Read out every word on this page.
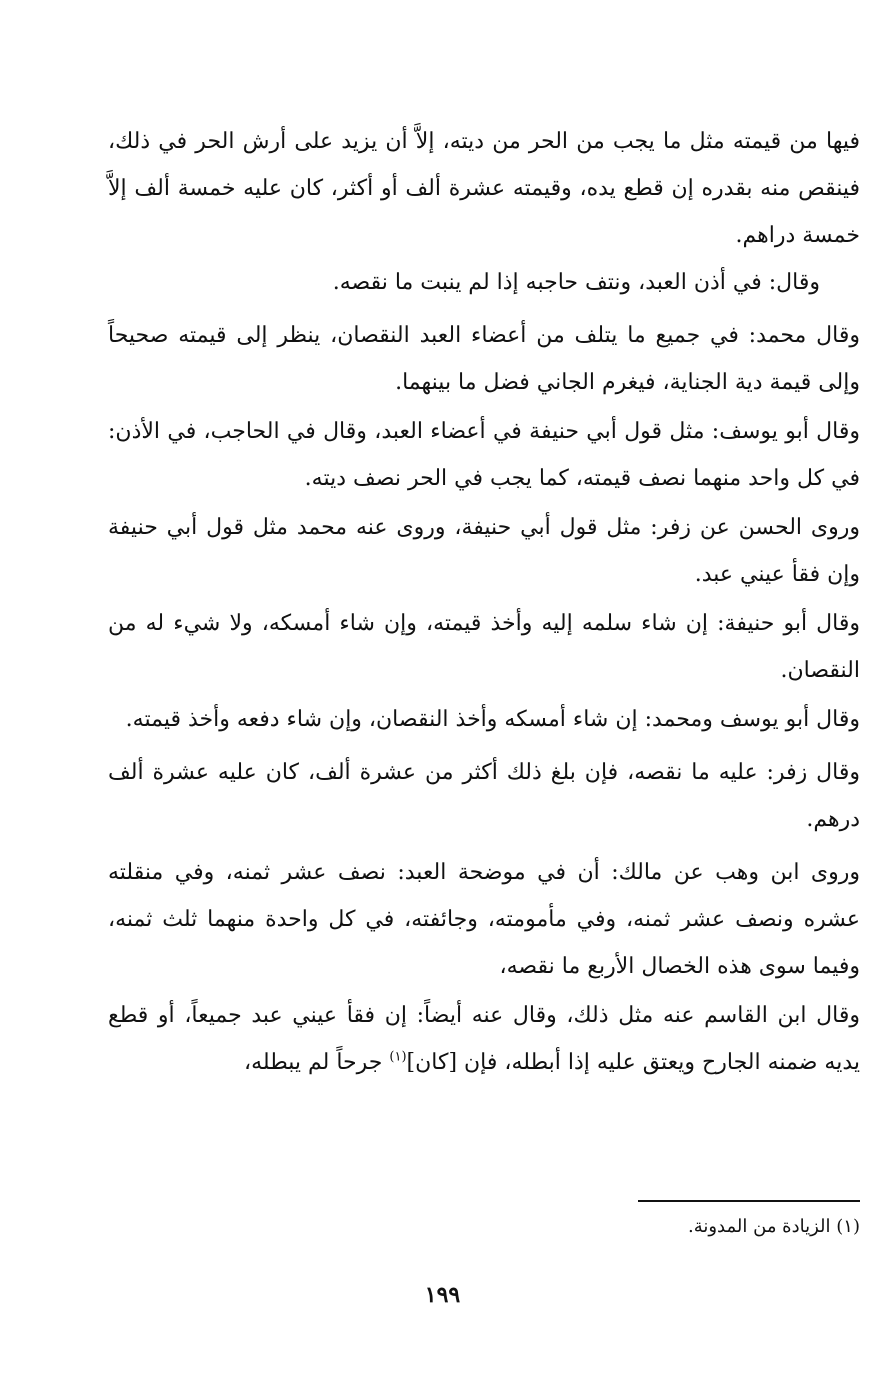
فيها من قيمته مثل ما يجب من الحر من ديته، إلاَّ أن يزيد على أرش الحر في ذلك، فينقص منه بقدره إن قطع يده، وقيمته عشرة ألف أو أكثر، كان عليه خمسة ألف إلاَّ خمسة دراهم.

وقال: في أذن العبد، ونتف حاجبه إذا لم ينبت ما نقصه.

وقال محمد: في جميع ما يتلف من أعضاء العبد النقصان، ينظر إلى قيمته صحيحاً وإلى قيمة دية الجناية، فيغرم الجاني فضل ما بينهما.

وقال أبو يوسف: مثل قول أبي حنيفة في أعضاء العبد، وقال في الحاجب، في الأذن: في كل واحد منهما نصف قيمته، كما يجب في الحر نصف ديته.

وروى الحسن عن زفر: مثل قول أبي حنيفة، وروى عنه محمد مثل قول أبي حنيفة وإن فقأ عيني عبد.

وقال أبو حنيفة: إن شاء سلمه إليه وأخذ قيمته، وإن شاء أمسكه، ولا شيء له من النقصان.

وقال أبو يوسف ومحمد: إن شاء أمسكه وأخذ النقصان، وإن شاء دفعه وأخذ قيمته.

وقال زفر: عليه ما نقصه، فإن بلغ ذلك أكثر من عشرة ألف، كان عليه عشرة ألف درهم.

وروى ابن وهب عن مالك: أن في موضحة العبد: نصف عشر ثمنه، وفي منقلته عشره ونصف عشر ثمنه، وفي مأمومته، وجائفته، في كل واحدة منهما ثلث ثمنه، وفيما سوى هذه الخصال الأربع ما نقصه،

وقال ابن القاسم عنه مثل ذلك، وقال عنه أيضاً: إن فقأ عيني عبد جميعاً، أو قطع يديه ضمنه الجارح ويعتق عليه إذا أبطله، فإن [كان]$^{(١)}$ جرحاً لم يبطله،

(١) الزيادة من المدونة.
١٩٩
